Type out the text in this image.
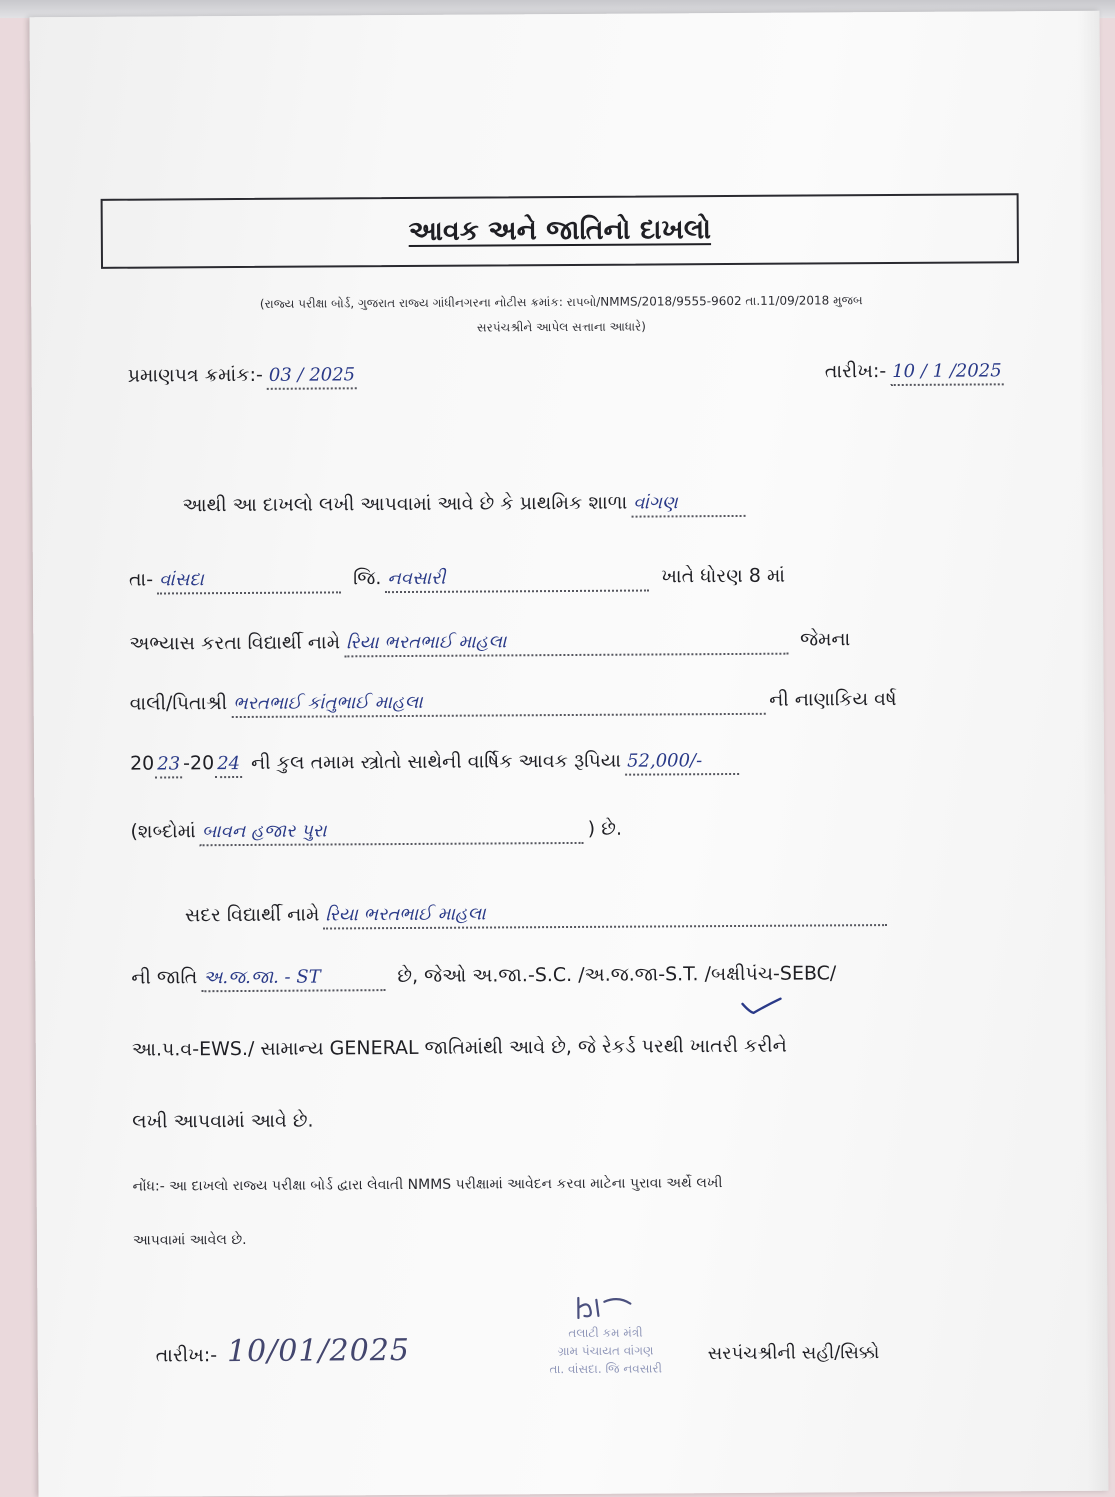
આવક અને જાતિનો દાખલો
(રાજ્ય પરીક્ષા બોર્ડ, ગુજરાત રાજ્ય ગાંધીનગરના નોટીસ ક્રમાંક: રાપબો/NMMS/2018/9555-9602 તા.11/09/2018 મુજબ
સરપંચશ્રીને આપેલ સત્તાના આધારે)
પ્રમાણપત્ર ક્રમાંક:- 03 / 2025	તારીખ:- 10 / 1 /2025
આથી આ દાખલો લખી આપવામાં આવે છે કે પ્રાથમિક શાળા વાંગણ
તા- વાંસદા	જિ. નવસારી	ખાતે ધોરણ 8 માં
અભ્યાસ કરતા વિદ્યાર્થી નામે રિયા ભરતભાઈ માહલા	જેમના
વાલી/પિતાશ્રી ભરતભાઈ કાંતુભાઈ માહલા	ની નાણાકિય વર્ષ
20 23 -20 24 ની કુલ તમામ સ્ત્રોતો સાથેની વાર્ષિક આવક રૂપિયા 52,000/-
(શબ્દોમાં બાવન હજાર પુરા	) છે.
સદર વિદ્યાર્થી નામે રિયા ભરતભાઈ માહલા
ની જાતિ અ.જ.જા. - ST	છે, જેઓ અ.જા.-S.C. /અ.જ.જા-S.T. /બક્ષીપંચ-SEBC/
આ.પ.વ-EWS./ સામાન્ય GENERAL જાતિમાંથી આવે છે, જે રેકર્ડ પરથી ખાતરી કરીને
લખી આપવામાં આવે છે.
નોંધ:- આ દાખલો રાજ્ય પરીક્ષા બોર્ડ દ્વારા લેવાતી NMMS પરીક્ષામાં આવેદન કરવા માટેના પુરાવા અર્થે લખી
આપવામાં આવેલ છે.
તારીખ:- 10/01/2025
તલાટી કમ મંત્રી
ગ્રામ પંચાયત વાંગણ
તા. વાંસદા. જિ નવસારી
સરપંચશ્રીની સહી/સિક્કો
